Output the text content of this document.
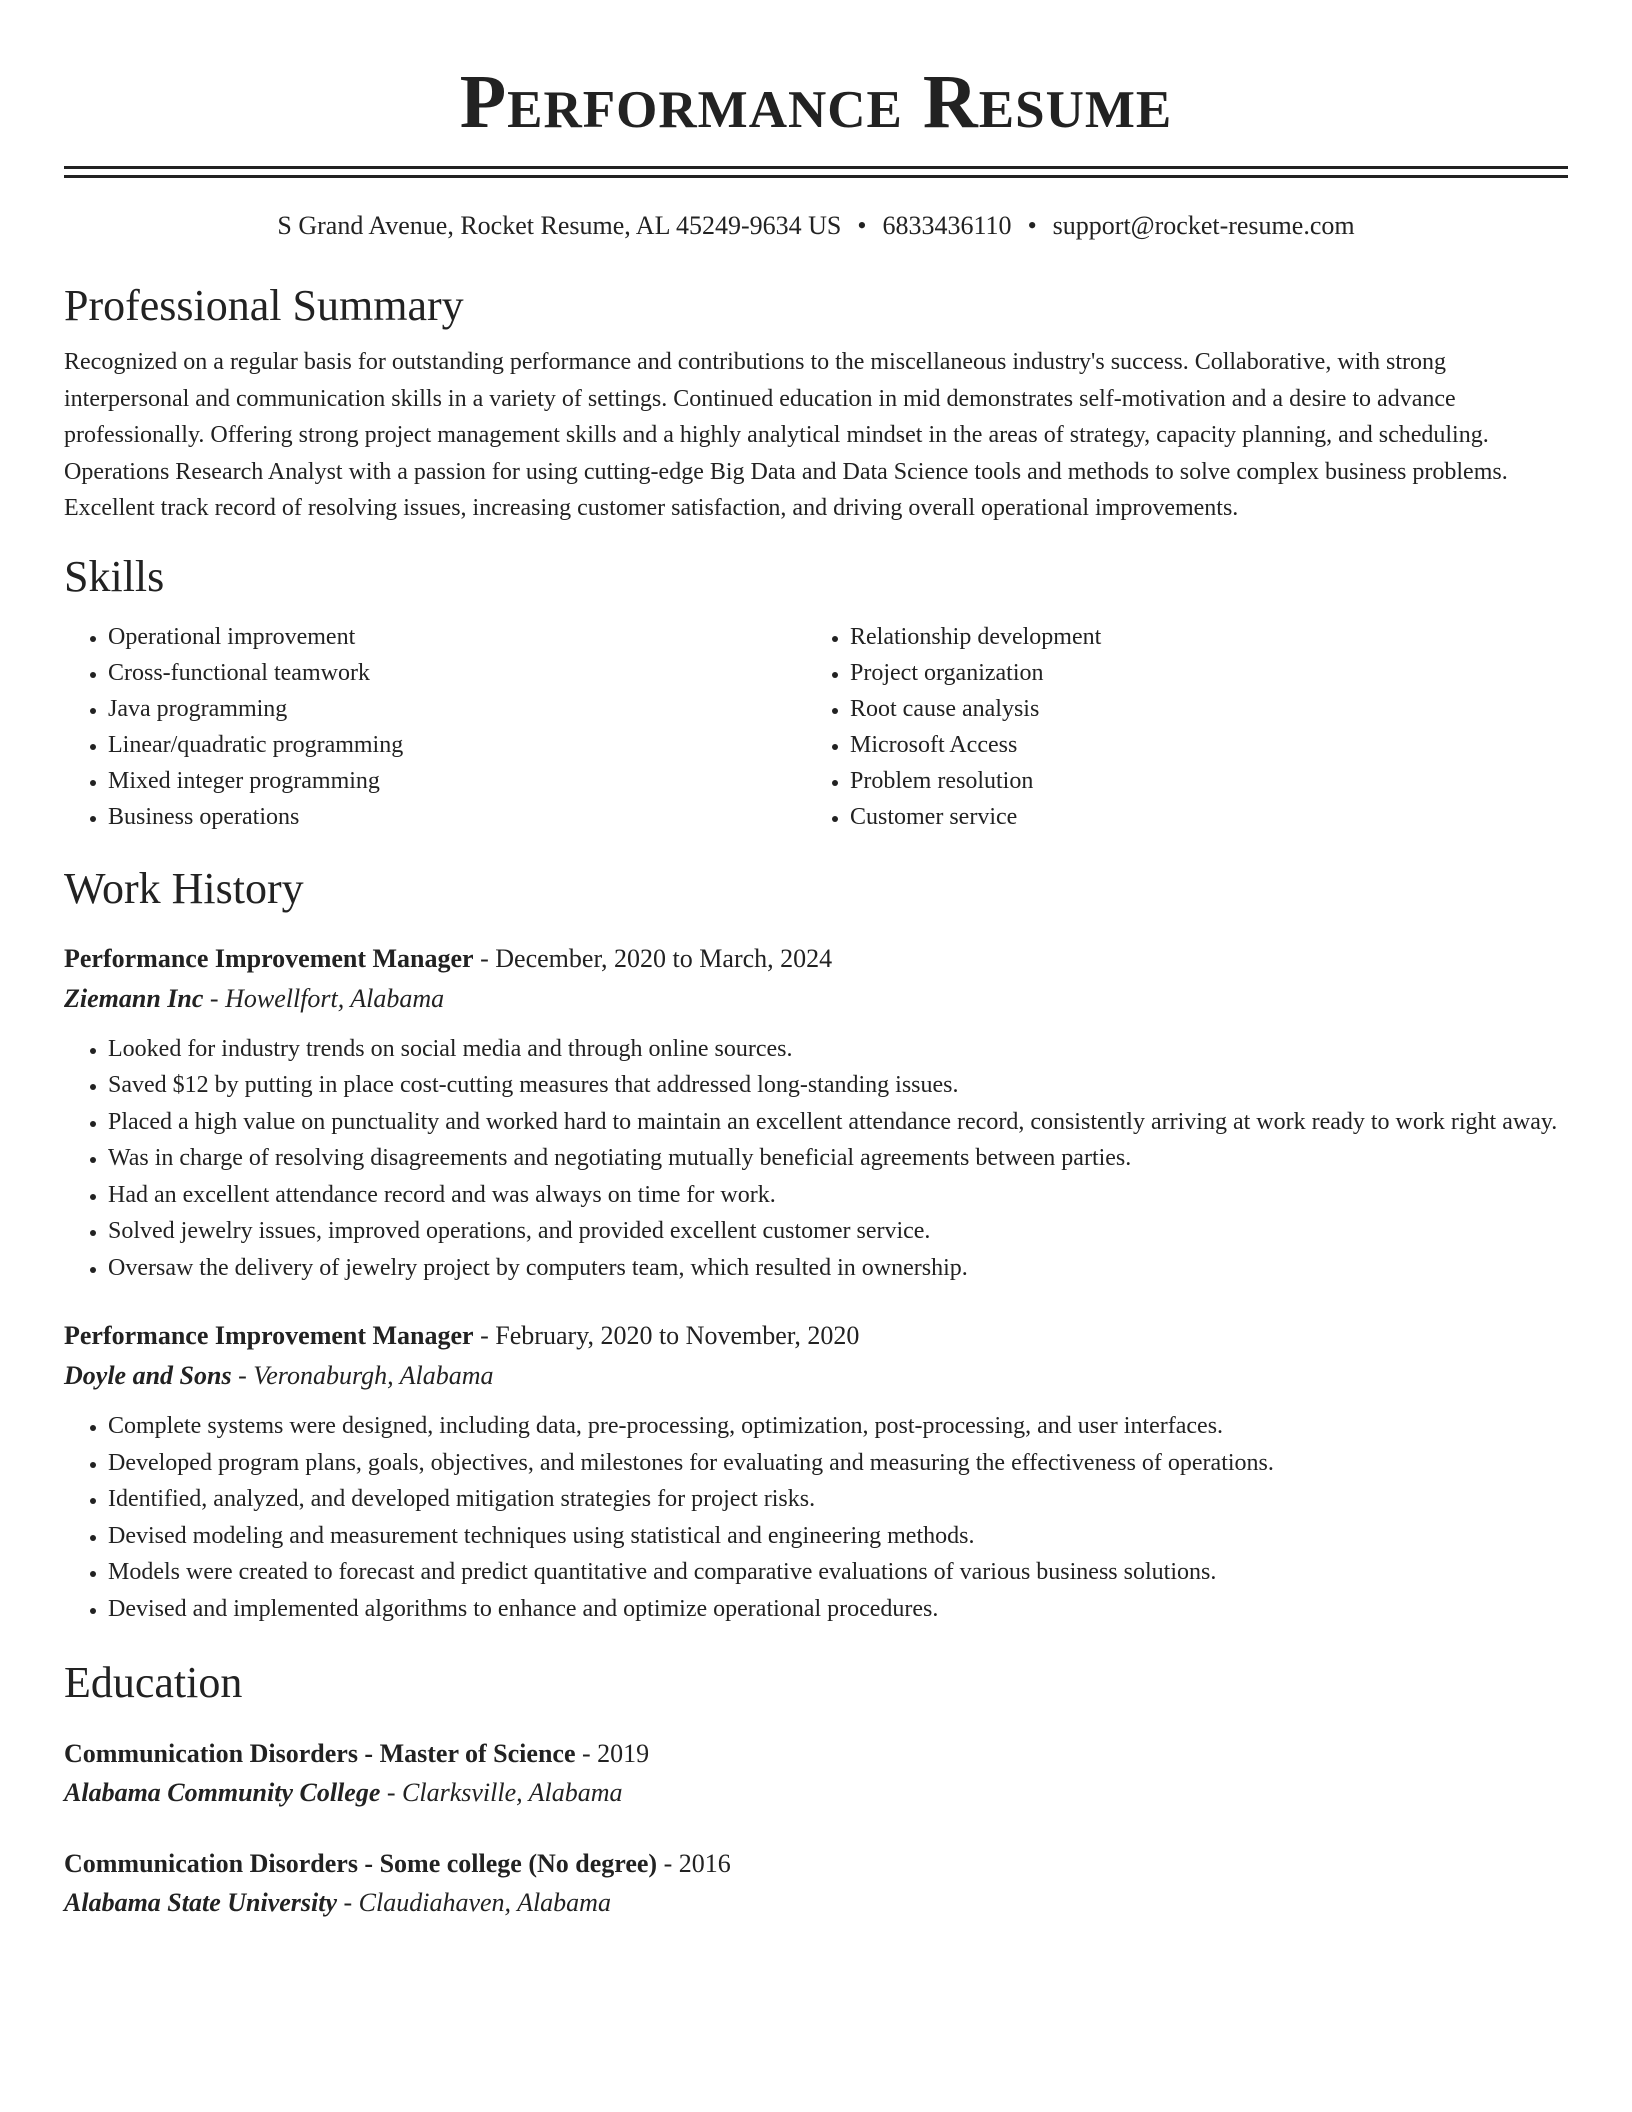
Performance Resume
S Grand Avenue, Rocket Resume, AL 45249-9634 US • 6833436110 • support@rocket-resume.com
Professional Summary

Recognized on a regular basis for outstanding performance and contributions to the miscellaneous industry's success. Collaborative, with strong interpersonal and communication skills in a variety of settings. Continued education in mid demonstrates self-motivation and a desire to advance professionally. Offering strong project management skills and a highly analytical mindset in the areas of strategy, capacity planning, and scheduling. Operations Research Analyst with a passion for using cutting-edge Big Data and Data Science tools and methods to solve complex business problems. Excellent track record of resolving issues, increasing customer satisfaction, and driving overall operational improvements.

Skills
• Operational improvement
• Cross-functional teamwork
• Java programming
• Linear/quadratic programming
• Mixed integer programming
• Business operations
• Relationship development
• Project organization
• Root cause analysis
• Microsoft Access
• Problem resolution
• Customer service
Work History
Performance Improvement Manager - December, 2020 to March, 2024
Ziemann Inc - Howellfort, Alabama
• Looked for industry trends on social media and through online sources.
• Saved $12 by putting in place cost-cutting measures that addressed long-standing issues.
• Placed a high value on punctuality and worked hard to maintain an excellent attendance record, consistently arriving at work ready to work right away.
• Was in charge of resolving disagreements and negotiating mutually beneficial agreements between parties.
• Had an excellent attendance record and was always on time for work.
• Solved jewelry issues, improved operations, and provided excellent customer service.
• Oversaw the delivery of jewelry project by computers team, which resulted in ownership.
Performance Improvement Manager - February, 2020 to November, 2020
Doyle and Sons - Veronaburgh, Alabama
• Complete systems were designed, including data, pre-processing, optimization, post-processing, and user interfaces.
• Developed program plans, goals, objectives, and milestones for evaluating and measuring the effectiveness of operations.
• Identified, analyzed, and developed mitigation strategies for project risks.
• Devised modeling and measurement techniques using statistical and engineering methods.
• Models were created to forecast and predict quantitative and comparative evaluations of various business solutions.
• Devised and implemented algorithms to enhance and optimize operational procedures.
Education
Communication Disorders - Master of Science - 2019
Alabama Community College - Clarksville, Alabama
Communication Disorders - Some college (No degree) - 2016
Alabama State University - Claudiahaven, Alabama
